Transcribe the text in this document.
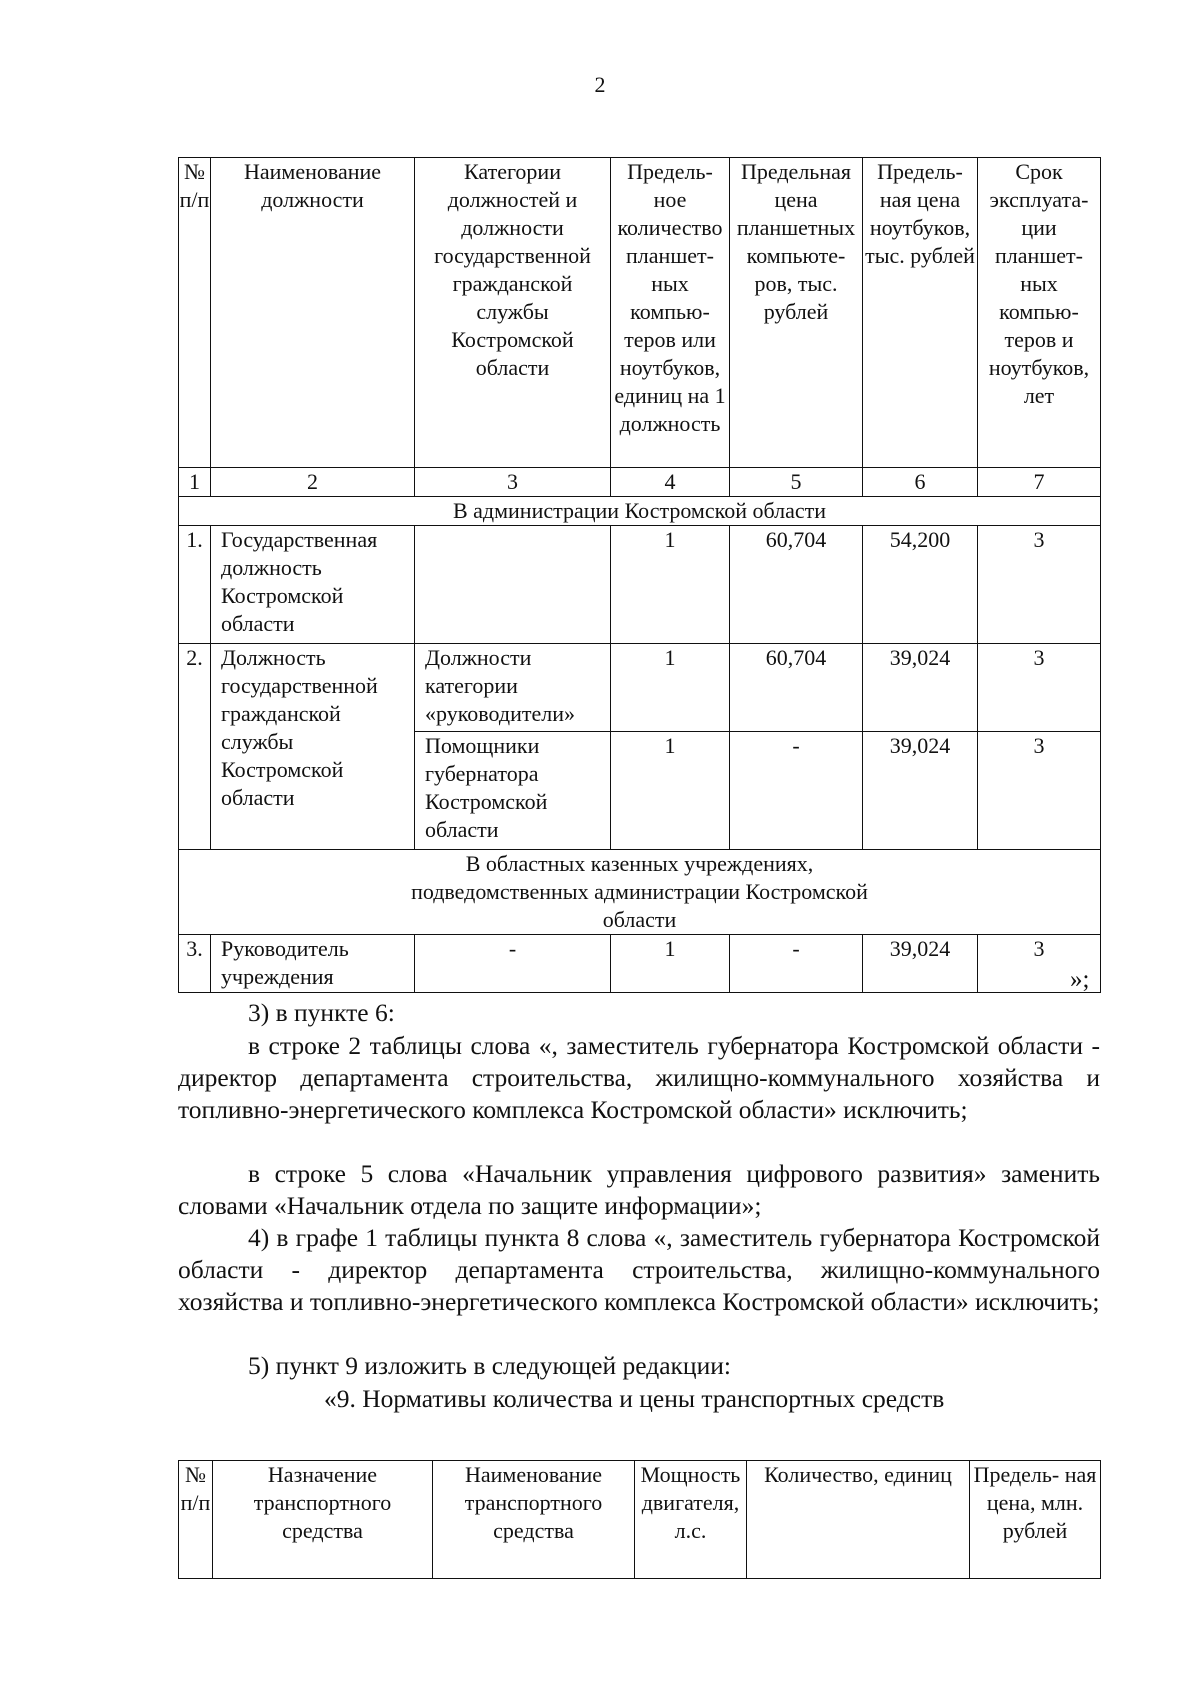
2
№ п/п	Наименование должности	Категории должностей и должности государственной гражданской службы Костромской области	Предель- ное количество планшет- ных компью- теров или ноутбуков, единиц на 1 должность	Предельная цена планшетных компьюте- ров, тыс. рублей	Предель- ная цена ноутбуков, тыс. рублей	Срок эксплуата- ции планшет- ных компью- теров и ноутбуков, лет
1	2	3	4	5	6	7
В администрации Костромской области						
1.	Государственная должность Костромской области		1	60,704	54,200	3
2.	Должность государственной гражданской службы Костромской области	Должности категории «руководители»	1	60,704	39,024	3
		Помощники губернатора Костромской области	1	-	39,024	3
В областных казенных учреждениях, подведомственных администрации Костромской области						
3.	Руководитель учреждения	-	1	-	39,024	3
»;
3) в пункте 6:
в строке 2 таблицы слова «, заместитель губернатора Костромской области - директор департамента строительства, жилищно-коммунального хозяйства и топливно-энергетического комплекса Костромской области» исключить;
в строке 5 слова «Начальник управления цифрового развития» заменить словами «Начальник отдела по защите информации»;
4) в графе 1 таблицы пункта 8 слова «, заместитель губернатора Костромской области - директор департамента строительства, жилищно-коммунального хозяйства и топливно-энергетического комплекса Костромской области» исключить;
5) пункт 9 изложить в следующей редакции:
«9. Нормативы количества и цены транспортных средств
№ п/п	Назначение транспортного средства	Наименование транспортного средства	Мощность двигателя, л.с.	Количество, единиц	Предель- ная цена, млн. рублей
